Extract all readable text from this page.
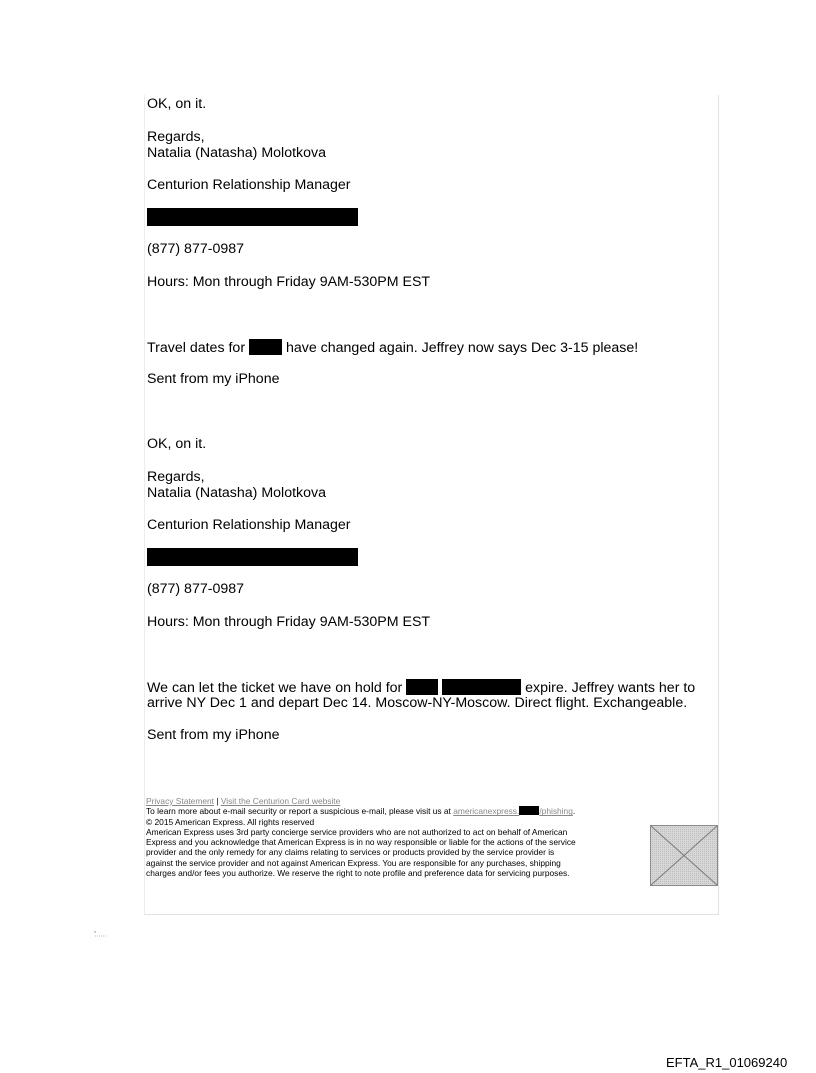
OK, on it.
Regards,
Natalia (Natasha) Molotkova
Centurion Relationship Manager
(877) 877-0987
Hours: Mon through Friday 9AM-530PM EST
Travel dates for	have changed again. Jeffrey now says Dec 3-15 please!
Sent from my iPhone
OK, on it.
Regards,
Natalia (Natasha) Molotkova
Centurion Relationship Manager
(877) 877-0987
Hours: Mon through Friday 9AM-530PM EST
We can let the ticket we have on hold for	expire. Jeffrey wants her to
arrive NY Dec 1 and depart Dec 14. Moscow-NY-Moscow. Direct flight. Exchangeable.
Sent from my iPhone
Privacy Statement | Visit the Centurion Card website
To learn more about e-mail security or report a suspicious e-mail, please visit us at americanexpress. /phishing.
© 2015 American Express. All rights reserved
American Express uses 3rd party concierge service providers who are not authorized to act on behalf of American
Express and you acknowledge that American Express is in no way responsible or liable for the actions of the service
provider and the only remedy for any claims relating to services or products provided by the service provider is
against the service provider and not against American Express. You are responsible for any purchases, shipping
charges and/or fees you authorize. We reserve the right to note profile and preference data for servicing purposes.
EFTA_R1_01069240
